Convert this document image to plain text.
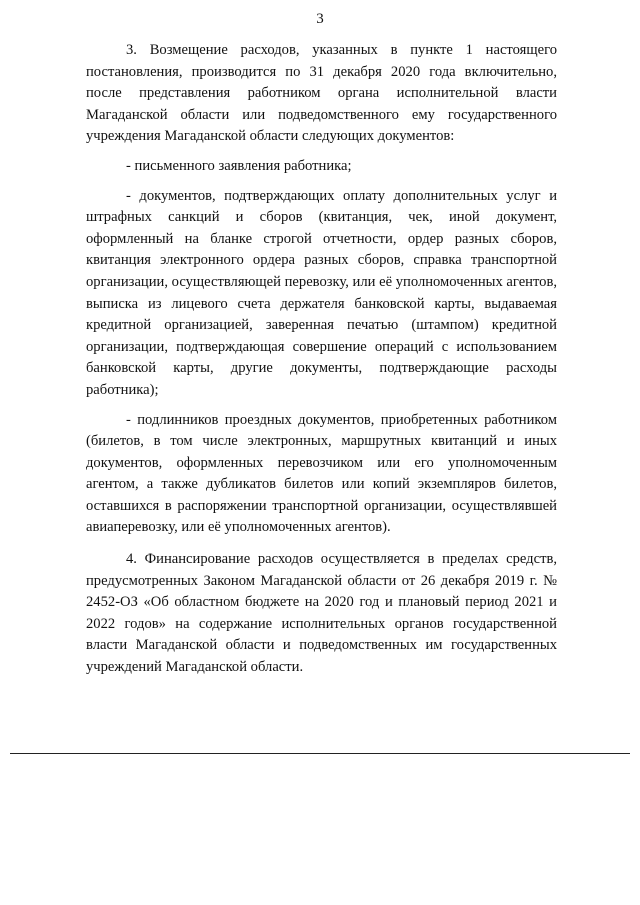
3

3. Возмещение расходов, указанных в пункте 1 настоящего постановления, производится по 31 декабря 2020 года включительно, после представления работником органа исполнительной власти Магаданской области или подведомственного ему государственного учреждения Магаданской области следующих документов:

- письменного заявления работника;

- документов, подтверждающих оплату дополнительных услуг и штрафных санкций и сборов (квитанция, чек, иной документ, оформленный на бланке строгой отчетности, ордер разных сборов, квитанция электронного ордера разных сборов, справка транспортной организации, осуществляющей перевозку, или её уполномоченных агентов, выписка из лицевого счета держателя банковской карты, выдаваемая кредитной организацией, заверенная печатью (штампом) кредитной организации, подтверждающая совершение операций с использованием банковской карты, другие документы, подтверждающие расходы работника);

- подлинников проездных документов, приобретенных работником (билетов, в том числе электронных, маршрутных квитанций и иных документов, оформленных перевозчиком или его уполномоченным агентом, а также дубликатов билетов или копий экземпляров билетов, оставшихся в распоряжении транспортной организации, осуществлявшей авиаперевозку, или её уполномоченных агентов).

4. Финансирование расходов осуществляется в пределах средств, предусмотренных Законом Магаданской области от 26 декабря 2019 г. № 2452-ОЗ «Об областном бюджете на 2020 год и плановый период 2021 и 2022 годов» на содержание исполнительных органов государственной власти Магаданской области и подведомственных им государственных учреждений Магаданской области.
